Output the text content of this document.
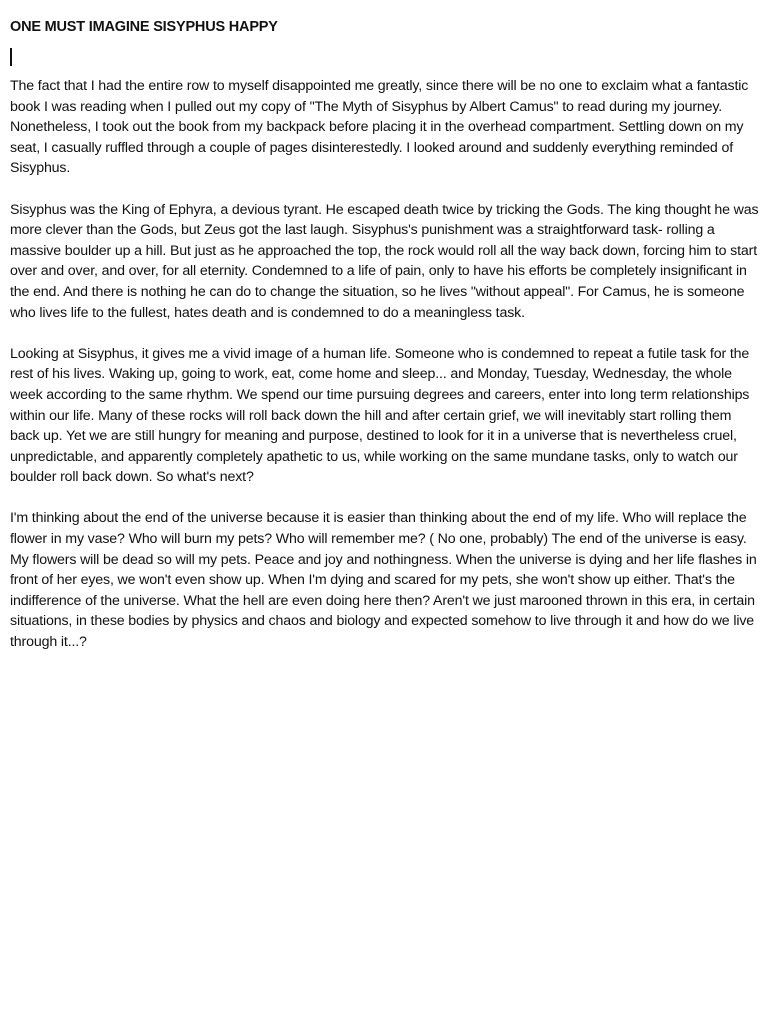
ONE MUST IMAGINE SISYPHUS HAPPY

The fact that I had the entire row to myself disappointed me greatly, since there will be no one to exclaim what a fantastic book I was reading when I pulled out my copy of "The Myth of Sisyphus by Albert Camus" to read during my journey. Nonetheless, I took out the book from my backpack before placing it in the overhead compartment. Settling down on my seat, I casually ruffled through a couple of pages disinterestedly. I looked around and suddenly everything reminded of Sisyphus.

Sisyphus was the King of Ephyra, a devious tyrant. He escaped death twice by tricking the Gods. The king thought he was more clever than the Gods, but Zeus got the last laugh. Sisyphus's punishment was a straightforward task- rolling a massive boulder up a hill. But just as he approached the top, the rock would roll all the way back down, forcing him to start over and over, and over, for all eternity. Condemned to a life of pain, only to have his efforts be completely insignificant in the end. And there is nothing he can do to change the situation, so he lives "without appeal". For Camus, he is someone who lives life to the fullest, hates death and is condemned to do a meaningless task.

Looking at Sisyphus, it gives me a vivid image of a human life. Someone who is condemned to repeat a futile task for the rest of his lives. Waking up, going to work, eat, come home and sleep... and Monday, Tuesday, Wednesday, the whole week according to the same rhythm. We spend our time pursuing degrees and careers, enter into long term relationships within our life. Many of these rocks will roll back down the hill and after certain grief, we will inevitably start rolling them back up. Yet we are still hungry for meaning and purpose, destined to look for it in a universe that is nevertheless cruel, unpredictable, and apparently completely apathetic to us, while working on the same mundane tasks, only to watch our boulder roll back down. So what's next?

I'm thinking about the end of the universe because it is easier than thinking about the end of my life. Who will replace the flower in my vase? Who will burn my pets? Who will remember me? ( No one, probably) The end of the universe is easy. My flowers will be dead so will my pets. Peace and joy and nothingness. When the universe is dying and her life flashes in front of her eyes, we won't even show up. When I'm dying and scared for my pets, she won't show up either. That's the indifference of the universe. What the hell are even doing here then? Aren't we just marooned thrown in this era, in certain situations, in these bodies by physics and chaos and biology and expected somehow to live through it and how do we live through it...?
